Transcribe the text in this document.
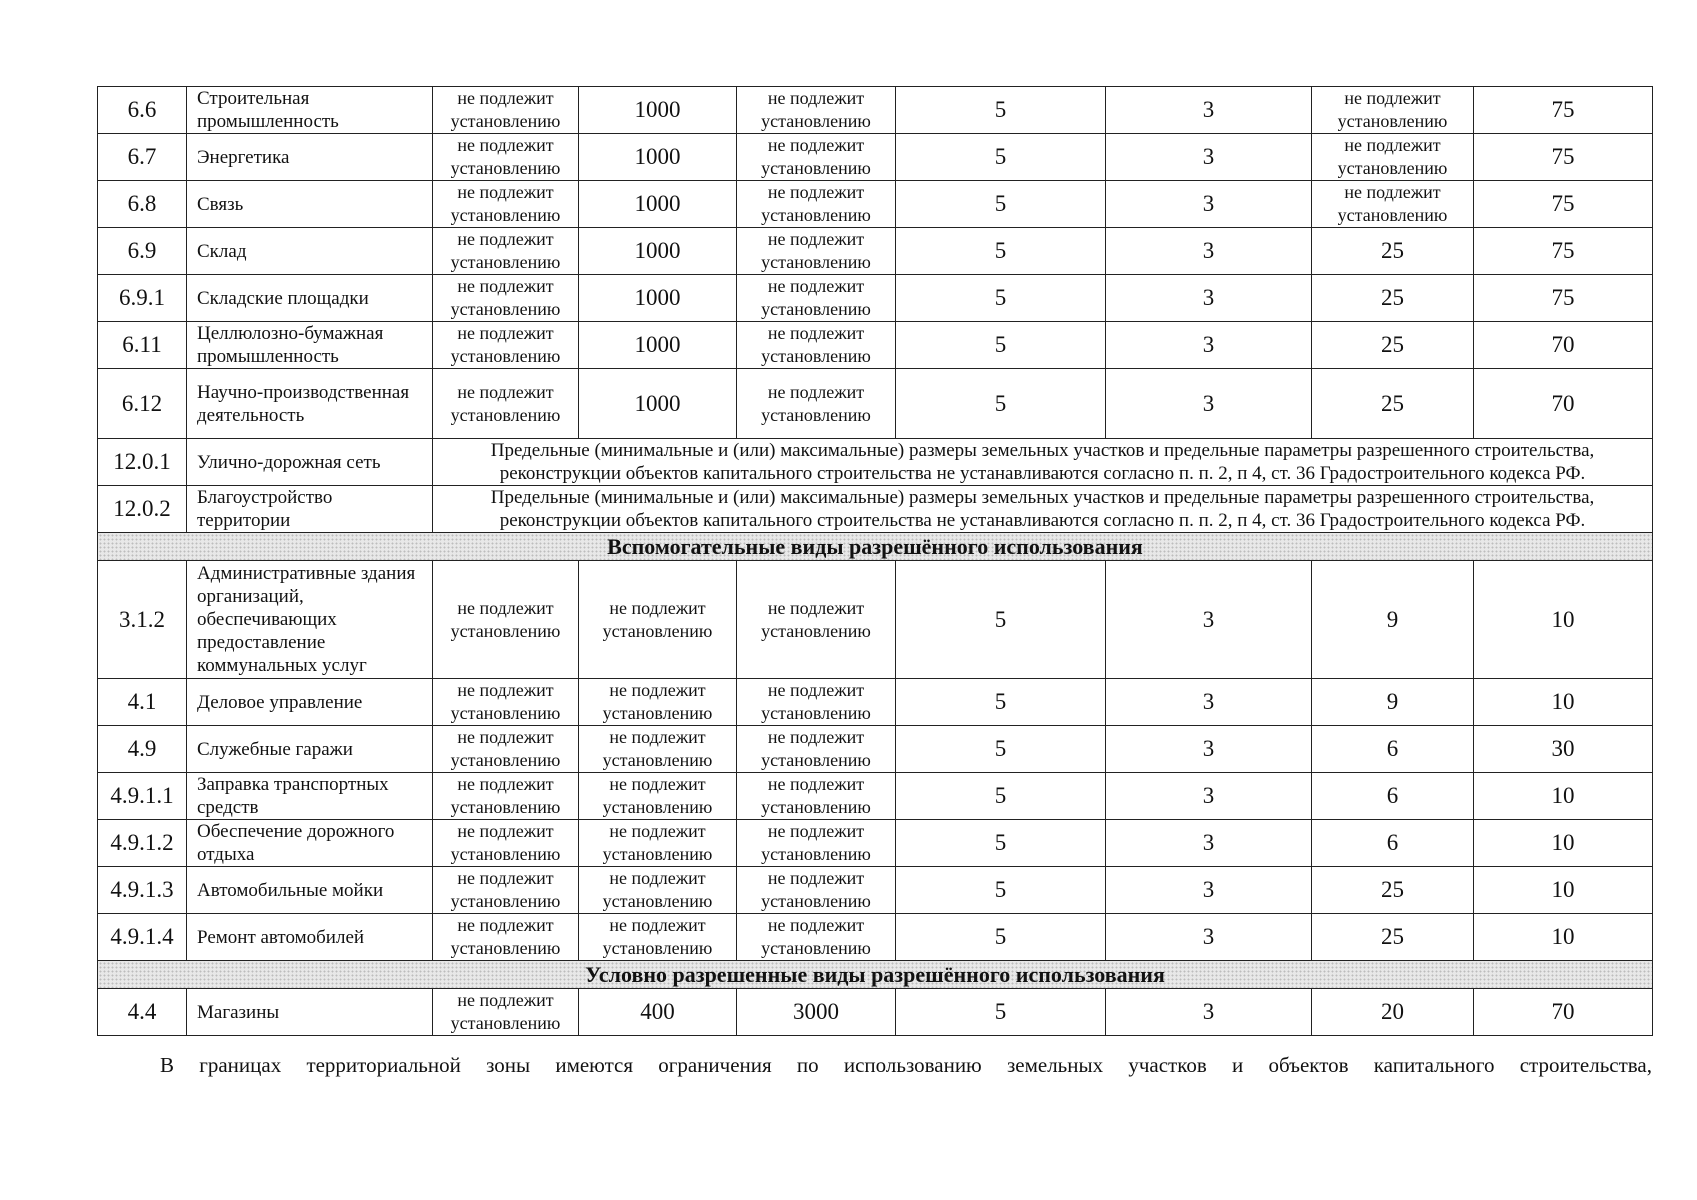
6.6	Строительная промышленность	не подлежит установлению	1000	не подлежит установлению	5	3	не подлежит установлению	75
6.7	Энергетика	не подлежит установлению	1000	не подлежит установлению	5	3	не подлежит установлению	75
6.8	Связь	не подлежит установлению	1000	не подлежит установлению	5	3	не подлежит установлению	75
6.9	Склад	не подлежит установлению	1000	не подлежит установлению	5	3	25	75
6.9.1	Складские площадки	не подлежит установлению	1000	не подлежит установлению	5	3	25	75
6.11	Целлюлозно-бумажная промышленность	не подлежит установлению	1000	не подлежит установлению	5	3	25	70
6.12	Научно-производственная деятельность	не подлежит установлению	1000	не подлежит установлению	5	3	25	70
12.0.1	Улично-дорожная сеть	Предельные (минимальные и (или) максимальные) размеры земельных участков и предельные параметры разрешенного строительства, реконструкции объектов капитального строительства не устанавливаются согласно п. п. 2, п 4, ст. 36 Градостроительного кодекса РФ.						
12.0.2	Благоустройство территории	Предельные (минимальные и (или) максимальные) размеры земельных участков и предельные параметры разрешенного строительства, реконструкции объектов капитального строительства не устанавливаются согласно п. п. 2, п 4, ст. 36 Градостроительного кодекса РФ.						
Вспомогательные виды разрешённого использования								
3.1.2	Административные здания организаций, обеспечивающих предоставление коммунальных услуг	не подлежит установлению	не подлежит установлению	не подлежит установлению	5	3	9	10
4.1	Деловое управление	не подлежит установлению	не подлежит установлению	не подлежит установлению	5	3	9	10
4.9	Служебные гаражи	не подлежит установлению	не подлежит установлению	не подлежит установлению	5	3	6	30
4.9.1.1	Заправка транспортных средств	не подлежит установлению	не подлежит установлению	не подлежит установлению	5	3	6	10
4.9.1.2	Обеспечение дорожного отдыха	не подлежит установлению	не подлежит установлению	не подлежит установлению	5	3	6	10
4.9.1.3	Автомобильные мойки	не подлежит установлению	не подлежит установлению	не подлежит установлению	5	3	25	10
4.9.1.4	Ремонт автомобилей	не подлежит установлению	не подлежит установлению	не подлежит установлению	5	3	25	10
Условно разрешенные виды разрешённого использования								
4.4	Магазины	не подлежит установлению	400	3000	5	3	20	70
В границах территориальной зоны имеются ограничения по использованию земельных участков и объектов капитального строительства,
